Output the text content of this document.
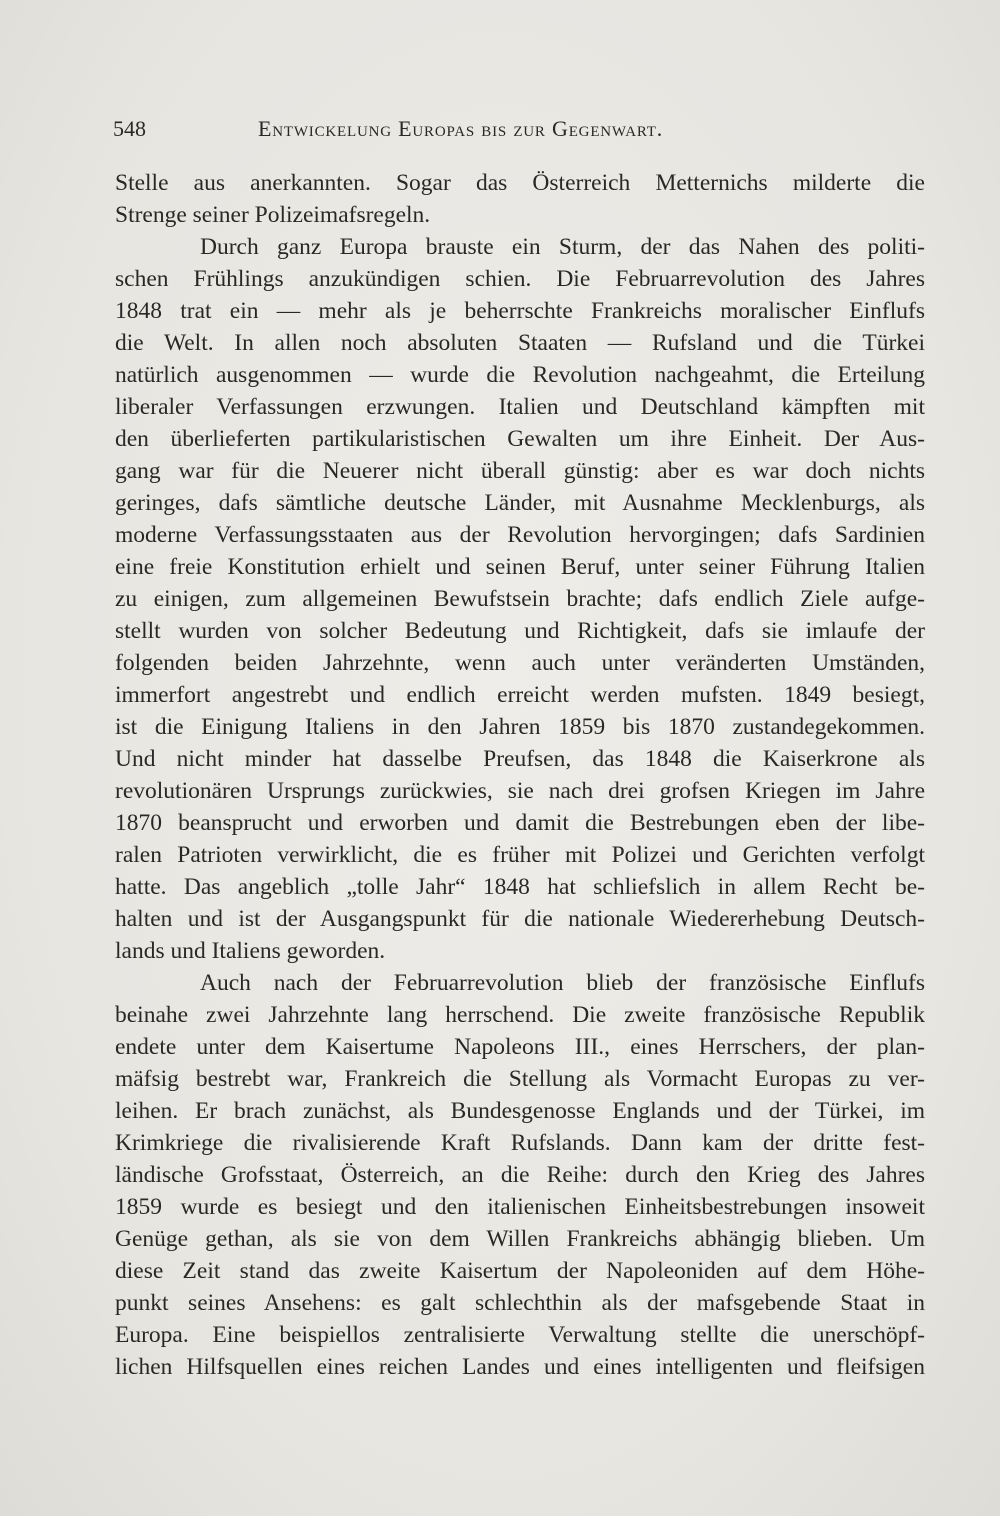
548	Entwickelung Europas bis zur Gegenwart.
Stelle aus anerkannten. Sogar das Österreich Metternichs milderte die
Strenge seiner Polizeimafsregeln.
Durch ganz Europa brauste ein Sturm, der das Nahen des politi-
schen Frühlings anzukündigen schien. Die Februarrevolution des Jahres
1848 trat ein — mehr als je beherrschte Frankreichs moralischer Einflufs
die Welt. In allen noch absoluten Staaten — Rufsland und die Türkei
natürlich ausgenommen — wurde die Revolution nachgeahmt, die Erteilung
liberaler Verfassungen erzwungen. Italien und Deutschland kämpften mit
den überlieferten partikularistischen Gewalten um ihre Einheit. Der Aus-
gang war für die Neuerer nicht überall günstig: aber es war doch nichts
geringes, dafs sämtliche deutsche Länder, mit Ausnahme Mecklenburgs, als
moderne Verfassungsstaaten aus der Revolution hervorgingen; dafs Sardinien
eine freie Konstitution erhielt und seinen Beruf, unter seiner Führung Italien
zu einigen, zum allgemeinen Bewufstsein brachte; dafs endlich Ziele aufge-
stellt wurden von solcher Bedeutung und Richtigkeit, dafs sie imlaufe der
folgenden beiden Jahrzehnte, wenn auch unter veränderten Umständen,
immerfort angestrebt und endlich erreicht werden mufsten. 1849 besiegt,
ist die Einigung Italiens in den Jahren 1859 bis 1870 zustandegekommen.
Und nicht minder hat dasselbe Preufsen, das 1848 die Kaiserkrone als
revolutionären Ursprungs zurückwies, sie nach drei grofsen Kriegen im Jahre
1870 beansprucht und erworben und damit die Bestrebungen eben der libe-
ralen Patrioten verwirklicht, die es früher mit Polizei und Gerichten verfolgt
hatte. Das angeblich „tolle Jahr“ 1848 hat schliefslich in allem Recht be-
halten und ist der Ausgangspunkt für die nationale Wiedererhebung Deutsch-
lands und Italiens geworden.
Auch nach der Februarrevolution blieb der französische Einflufs
beinahe zwei Jahrzehnte lang herrschend. Die zweite französische Republik
endete unter dem Kaisertume Napoleons III., eines Herrschers, der plan-
mäfsig bestrebt war, Frankreich die Stellung als Vormacht Europas zu ver-
leihen. Er brach zunächst, als Bundesgenosse Englands und der Türkei, im
Krimkriege die rivalisierende Kraft Rufslands. Dann kam der dritte fest-
ländische Grofsstaat, Österreich, an die Reihe: durch den Krieg des Jahres
1859 wurde es besiegt und den italienischen Einheitsbestrebungen insoweit
Genüge gethan, als sie von dem Willen Frankreichs abhängig blieben. Um
diese Zeit stand das zweite Kaisertum der Napoleoniden auf dem Höhe-
punkt seines Ansehens: es galt schlechthin als der mafsgebende Staat in
Europa. Eine beispiellos zentralisierte Verwaltung stellte die unerschöpf-
lichen Hilfsquellen eines reichen Landes und eines intelligenten und fleifsigen
